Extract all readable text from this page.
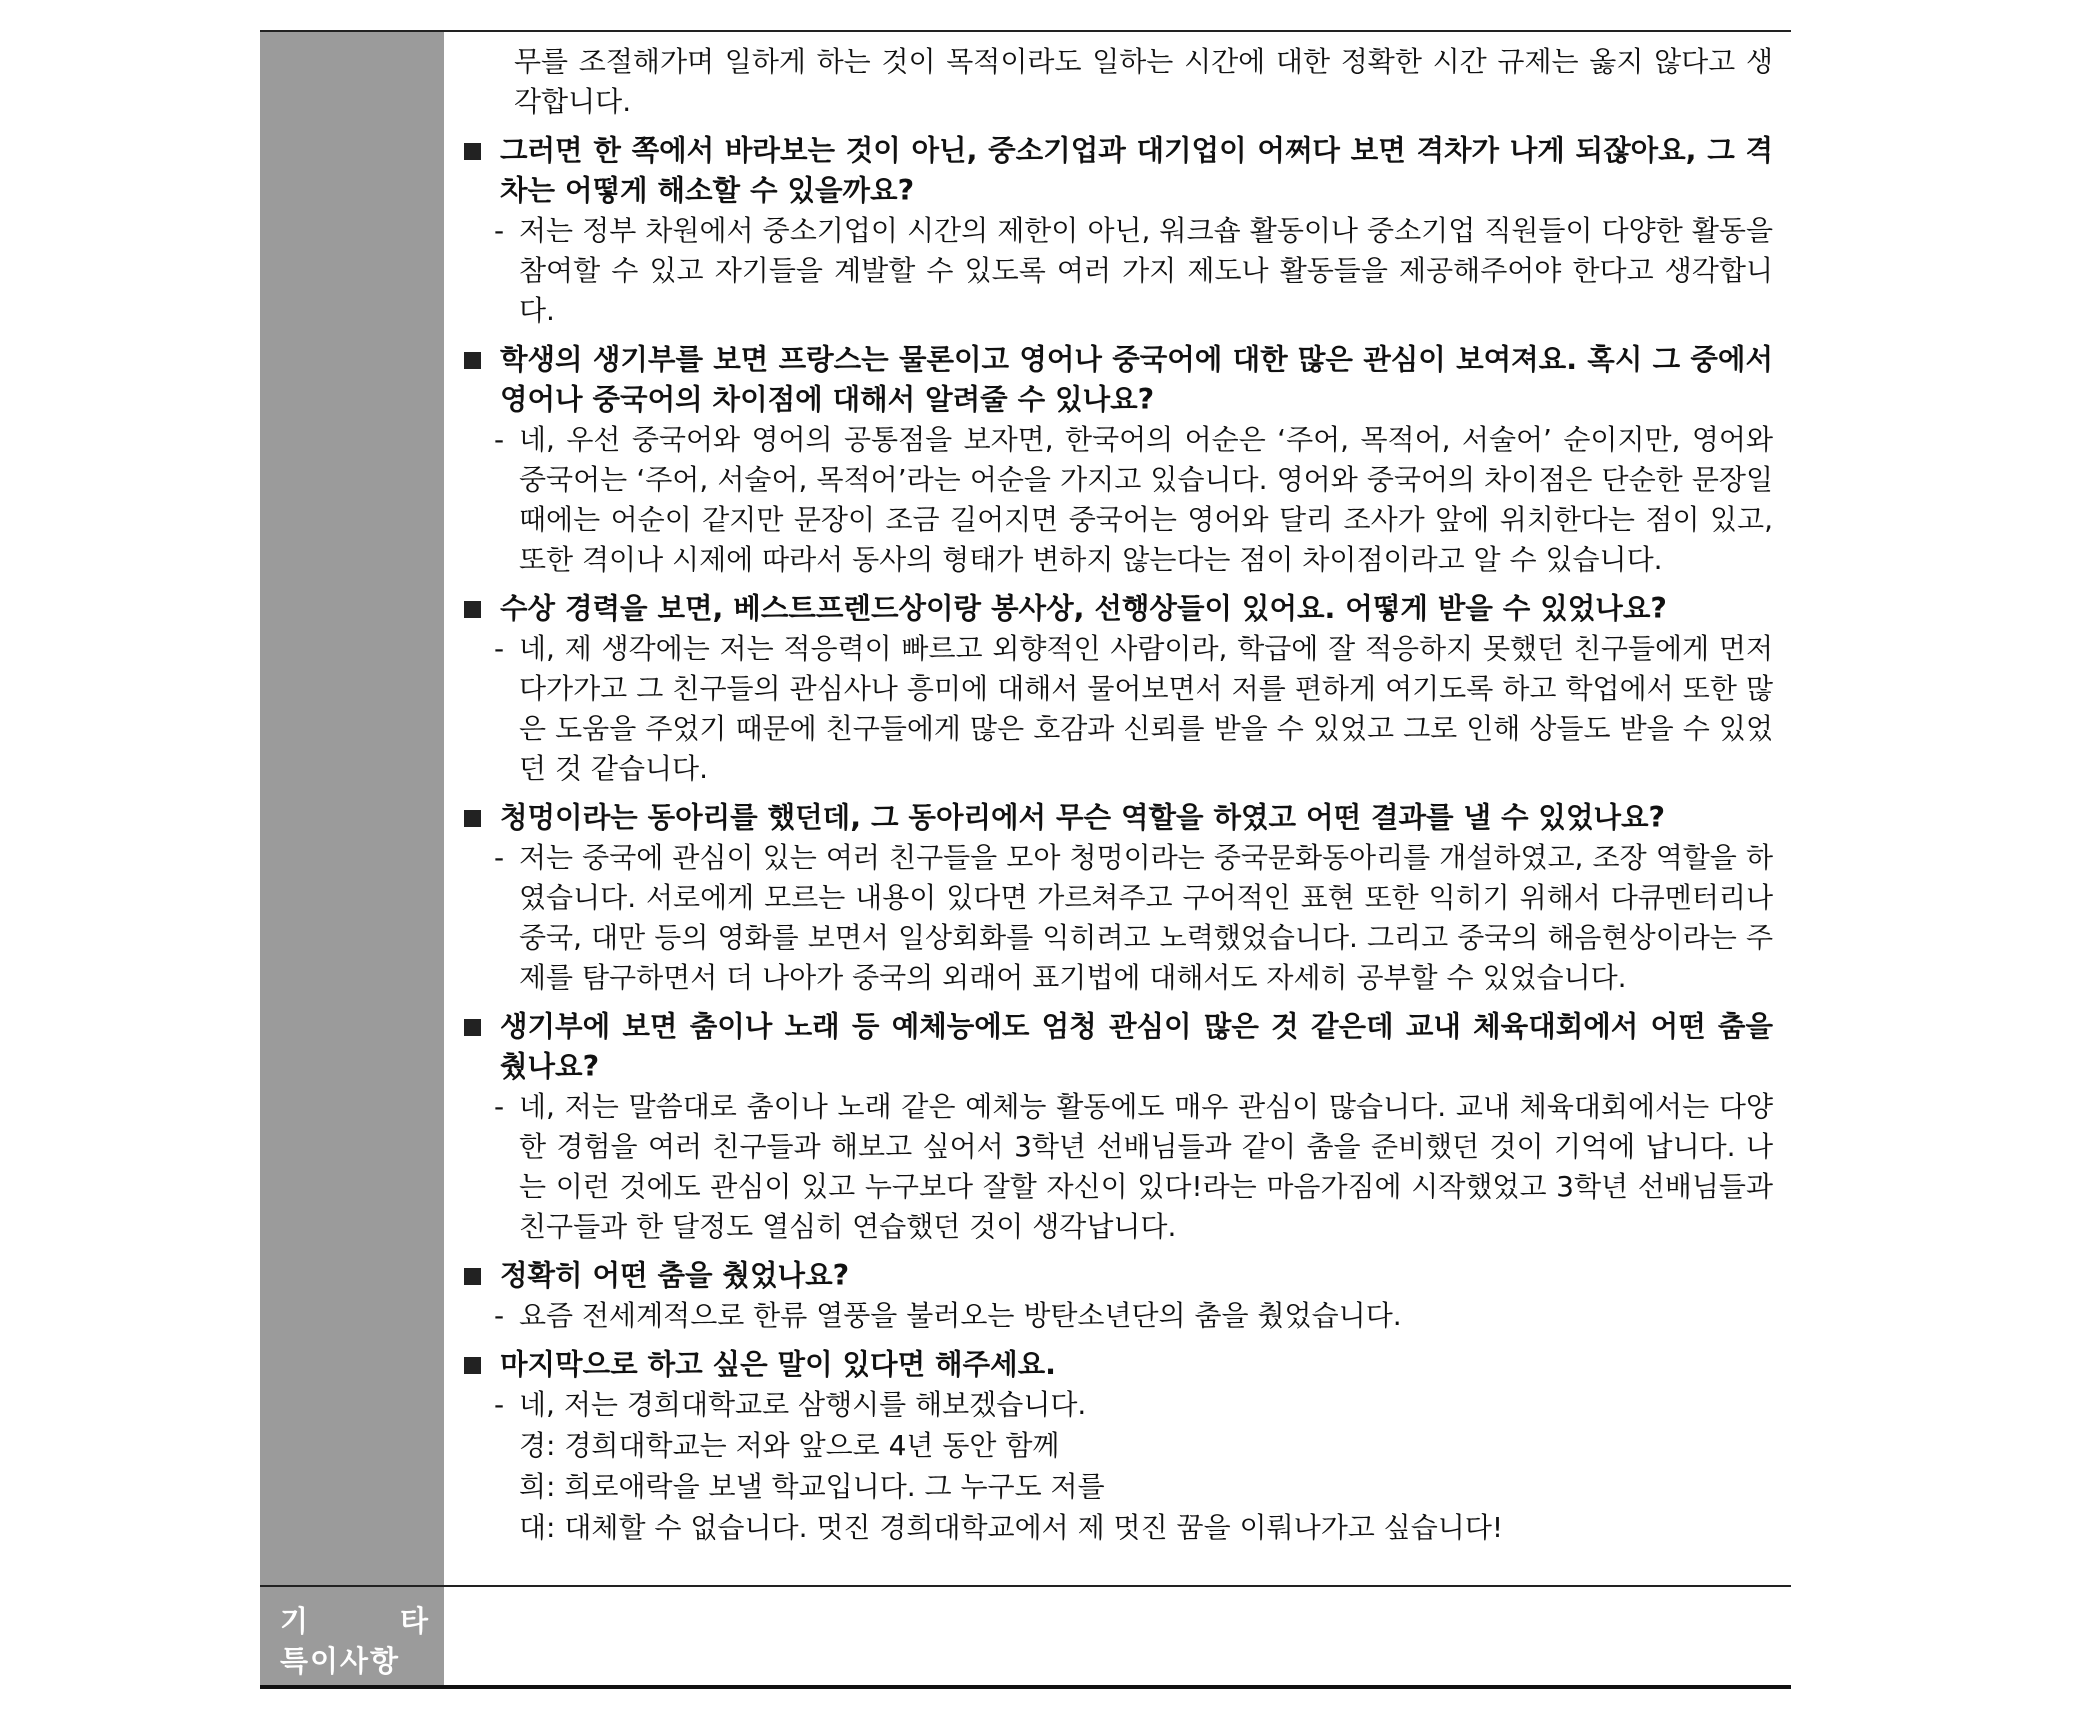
무를 조절해가며 일하게 하는 것이 목적이라도 일하는 시간에 대한 정확한 시간 규제는 옳지 않다고 생각합니다.
그러면 한 쪽에서 바라보는 것이 아닌, 중소기업과 대기업이 어쩌다 보면 격차가 나게 되잖아요, 그 격차는 어떻게 해소할 수 있을까요?
- 저는 정부 차원에서 중소기업이 시간의 제한이 아닌, 워크숍 활동이나 중소기업 직원들이 다양한 활동을 참여할 수 있고 자기들을 계발할 수 있도록 여러 가지 제도나 활동들을 제공해주어야 한다고 생각합니다.
학생의 생기부를 보면 프랑스는 물론이고 영어나 중국어에 대한 많은 관심이 보여져요. 혹시 그 중에서 영어나 중국어의 차이점에 대해서 알려줄 수 있나요?
- 네, 우선 중국어와 영어의 공통점을 보자면, 한국어의 어순은 ‘주어, 목적어, 서술어’ 순이지만, 영어와 중국어는 ‘주어, 서술어, 목적어’라는 어순을 가지고 있습니다. 영어와 중국어의 차이점은 단순한 문장일 때에는 어순이 같지만 문장이 조금 길어지면 중국어는 영어와 달리 조사가 앞에 위치한다는 점이 있고, 또한 격이나 시제에 따라서 동사의 형태가 변하지 않는다는 점이 차이점이라고 알 수 있습니다.
수상 경력을 보면, 베스트프렌드상이랑 봉사상, 선행상들이 있어요. 어떻게 받을 수 있었나요?
- 네, 제 생각에는 저는 적응력이 빠르고 외향적인 사람이라, 학급에 잘 적응하지 못했던 친구들에게 먼저 다가가고 그 친구들의 관심사나 흥미에 대해서 물어보면서 저를 편하게 여기도록 하고 학업에서 또한 많은 도움을 주었기 때문에 친구들에게 많은 호감과 신뢰를 받을 수 있었고 그로 인해 상들도 받을 수 있었던 것 같습니다.
청멍이라는 동아리를 했던데, 그 동아리에서 무슨 역할을 하였고 어떤 결과를 낼 수 있었나요?
- 저는 중국에 관심이 있는 여러 친구들을 모아 청멍이라는 중국문화동아리를 개설하였고, 조장 역할을 하였습니다. 서로에게 모르는 내용이 있다면 가르쳐주고 구어적인 표현 또한 익히기 위해서 다큐멘터리나 중국, 대만 등의 영화를 보면서 일상회화를 익히려고 노력했었습니다. 그리고 중국의 해음현상이라는 주제를 탐구하면서 더 나아가 중국의 외래어 표기법에 대해서도 자세히 공부할 수 있었습니다.
생기부에 보면 춤이나 노래 등 예체능에도 엄청 관심이 많은 것 같은데 교내 체육대회에서 어떤 춤을 췄나요?
- 네, 저는 말씀대로 춤이나 노래 같은 예체능 활동에도 매우 관심이 많습니다. 교내 체육대회에서는 다양한 경험을 여러 친구들과 해보고 싶어서 3학년 선배님들과 같이 춤을 준비했던 것이 기억에 납니다. 나는 이런 것에도 관심이 있고 누구보다 잘할 자신이 있다!라는 마음가짐에 시작했었고 3학년 선배님들과 친구들과 한 달정도 열심히 연습했던 것이 생각납니다.
정확히 어떤 춤을 췄었나요?
- 요즘 전세계적으로 한류 열풍을 불러오는 방탄소년단의 춤을 췄었습니다.
마지막으로 하고 싶은 말이 있다면 해주세요.
- 네, 저는 경희대학교로 삼행시를 해보겠습니다.
경: 경희대학교는 저와 앞으로 4년 동안 함께
희: 희로애락을 보낼 학교입니다. 그 누구도 저를
대: 대체할 수 없습니다. 멋진 경희대학교에서 제 멋진 꿈을 이뤄나가고 싶습니다!
기 타
특이사항
